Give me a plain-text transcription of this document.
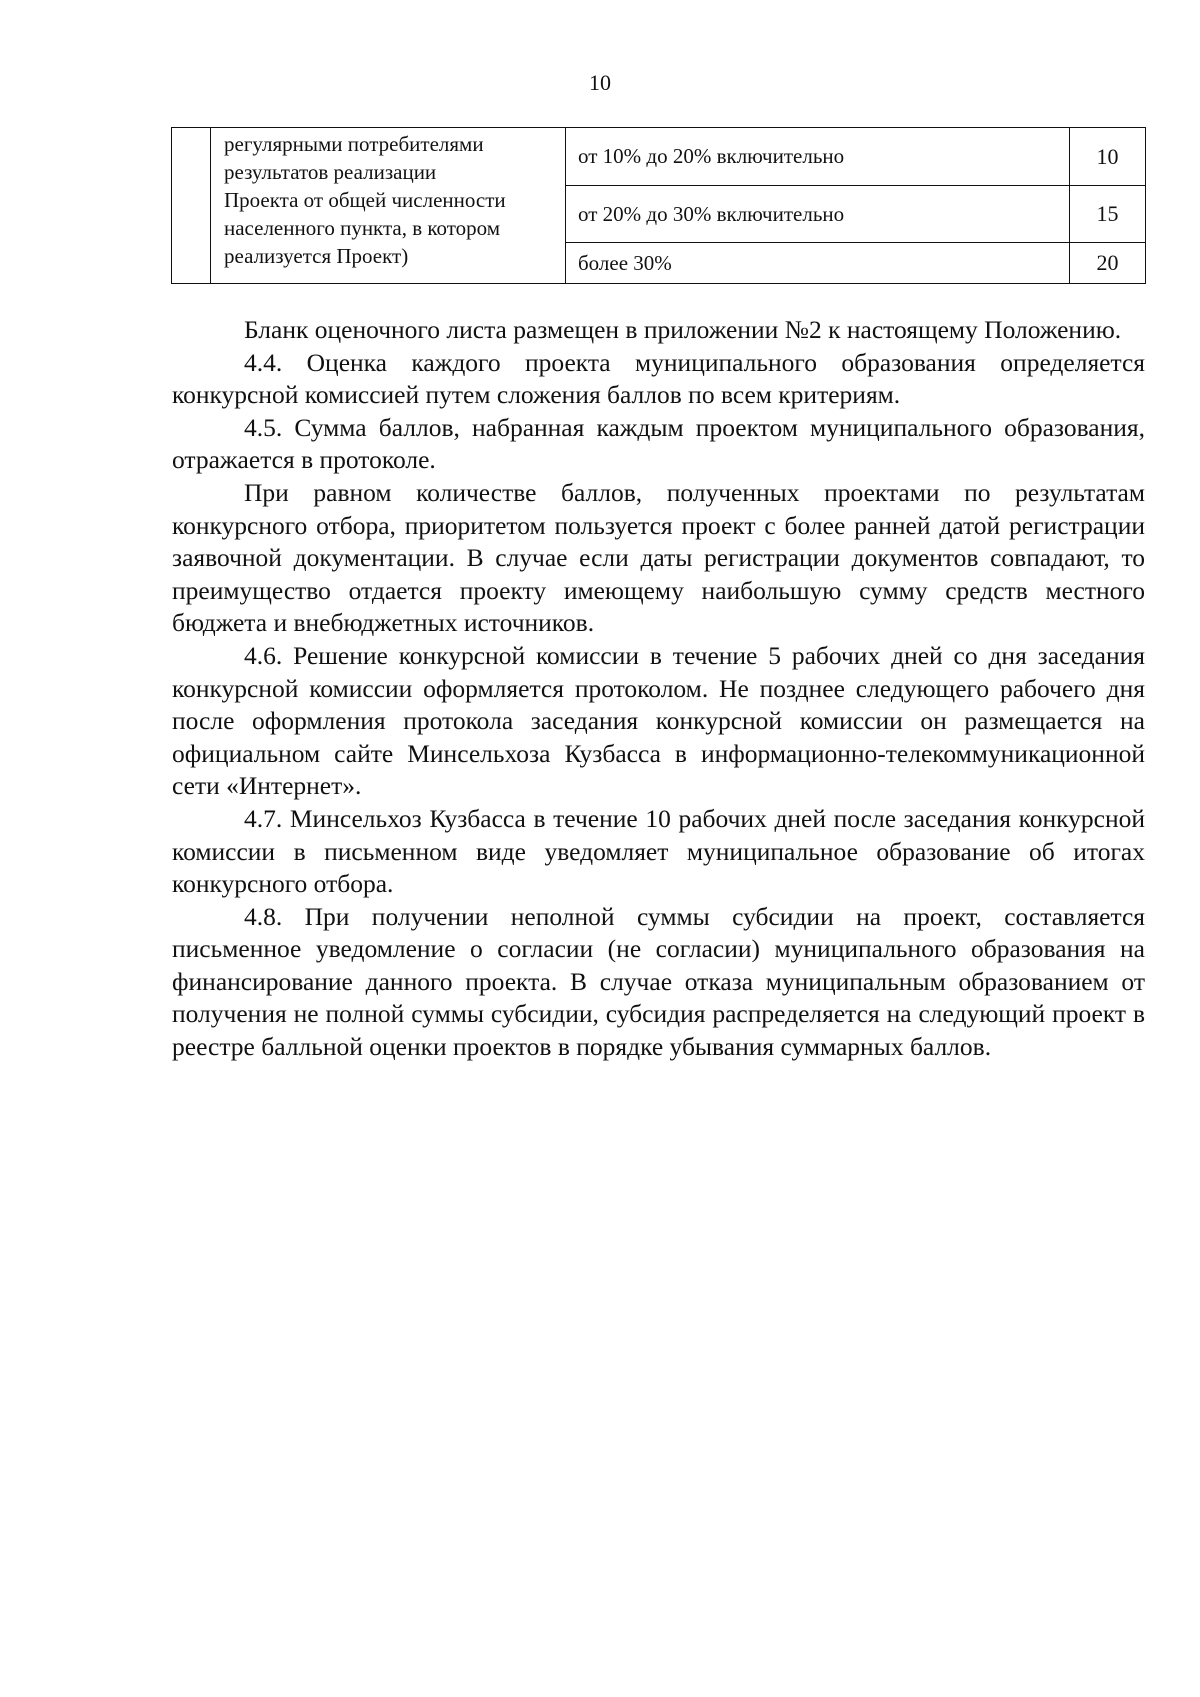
10

	регулярными потребителями
результатов реализации
Проекта от общей численности
населенного пункта, в котором
реализуется Проект)	от 10% до 20% включительно	10
		от 20% до 30% включительно	15
		более 30%	20

Бланк оценочного листа размещен в приложении №2 к настоящему Положению.

4.4. Оценка каждого проекта муниципального образования определяется конкурсной комиссией путем сложения баллов по всем критериям.

4.5. Сумма баллов, набранная каждым проектом муниципального образования, отражается в протоколе.

При равном количестве баллов, полученных проектами по результатам конкурсного отбора, приоритетом пользуется проект с более ранней датой регистрации заявочной документации. В случае если даты регистрации документов совпадают, то преимущество отдается проекту имеющему наибольшую сумму средств местного бюджета и внебюджетных источников.

4.6. Решение конкурсной комиссии в течение 5 рабочих дней со дня заседания конкурсной комиссии оформляется протоколом. Не позднее следующего рабочего дня после оформления протокола заседания конкурсной комиссии он размещается на официальном сайте Минсельхоза Кузбасса в информационно-телекоммуникационной сети «Интернет».

4.7. Минсельхоз Кузбасса в течение 10 рабочих дней после заседания конкурсной комиссии в письменном виде уведомляет муниципальное образование об итогах конкурсного отбора.

4.8. При получении неполной суммы субсидии на проект, составляется письменное уведомление о согласии (не согласии) муниципального образования на финансирование данного проекта. В случае отказа муниципальным образованием от получения не полной суммы субсидии, субсидия распределяется на следующий проект в реестре балльной оценки проектов в порядке убывания суммарных баллов.
